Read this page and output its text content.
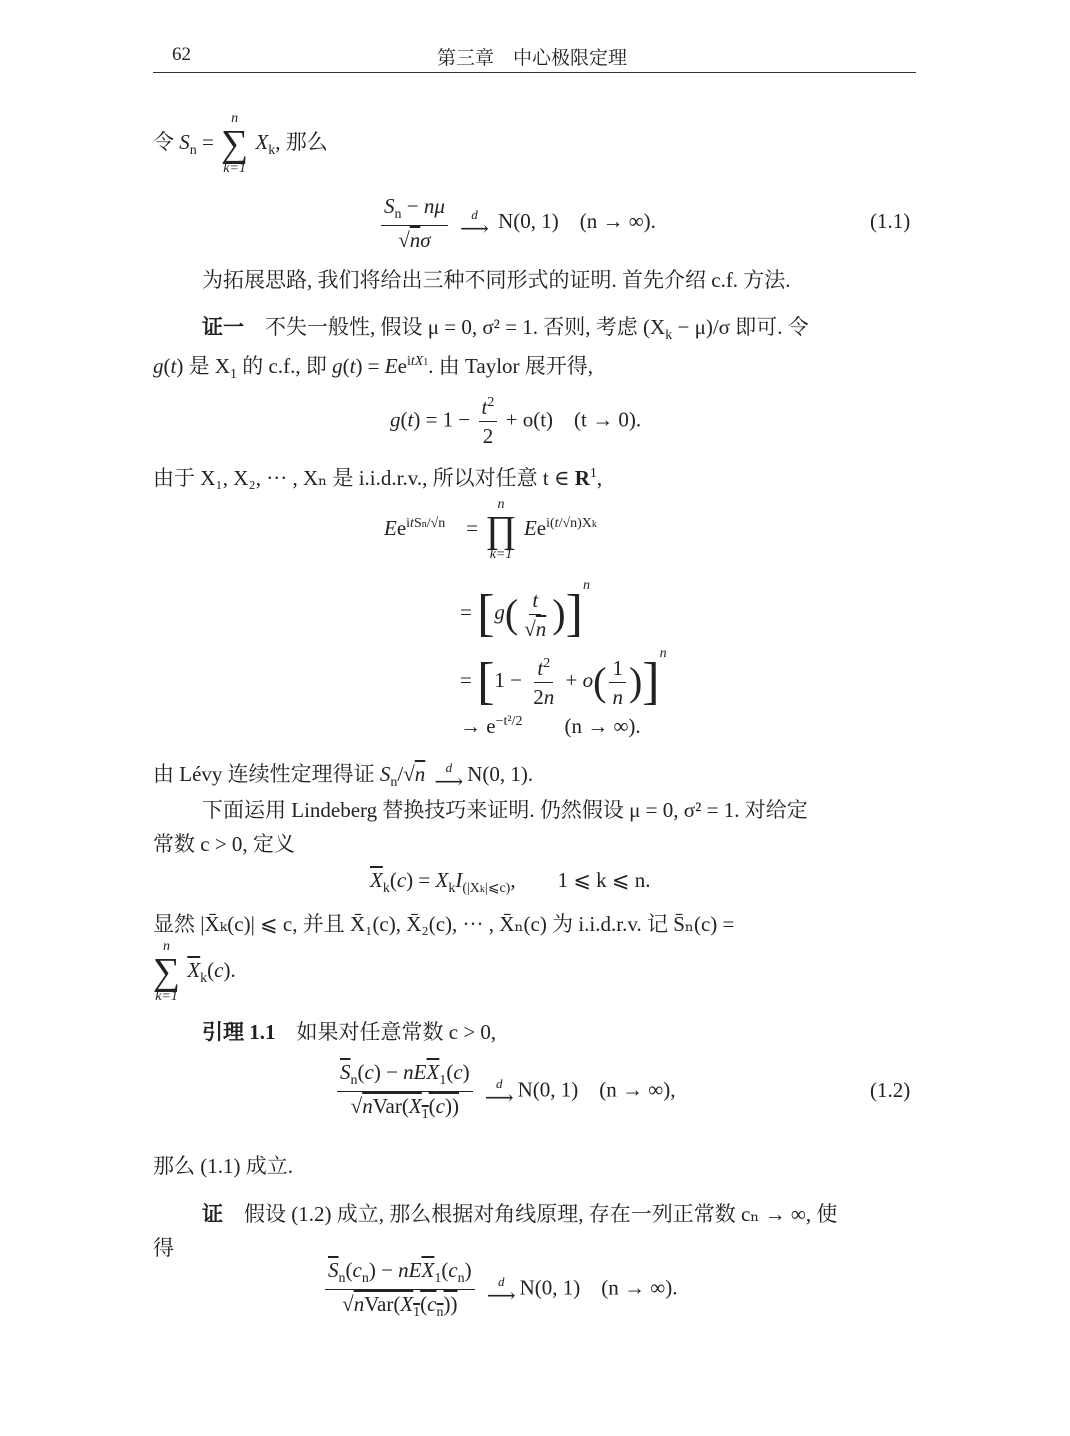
62	第三章　中心极限定理
令 $S_n$ =
n
∑
k=1
$X_k$, 那么
$\frac{S_n - n\mu}{√n\sigma}$
d
⟶ N(0, 1)　 (n → ∞).	(1.1)
为拓展思路, 我们将给出三种不同形式的证明. 首先介绍 c.f. 方法.
证一　 不失一般性, 假设 μ = 0, σ² = 1. 否则, 考虑 $(X_k - \mu)/\sigma$ 即可. 令
g(t) 是 $X_1$ 的 c.f., 即 $g(t) = Ee^{itX1}$. 由 Taylor 展开得,
$g(t) = 1 - \frac{t^2}{2} + o(t)$　(t → 0).
由于 X₁, X₂, ··· , Xₙ 是 i.i.d.r.v., 所以对任意 t ∈ $R^1$,
$Ee^{itSn/√n}$　=
n
∏
k=1
$Ee^{i(t/√n)Xk}$
= $[g( \frac{t}{√n} )]^n$
= $[1 - \frac{t^2}{2n} + o( \frac{1}{n} )]^n$
→ $e^{-t^2/2}$　　 (n → ∞).
由 Lévy 连续性定理得证 $S_n/√n$ d
⟶ N(0, 1).
下面运用 Lindeberg 替换技巧来证明. 仍然假设 μ = 0, σ² = 1. 对给定
常数 c > 0, 定义
$\overline{X}_k(c) = X_kI_{(|Xk|⩽c)}$,　　1 ⩽ k ⩽ n.
显然 |X̄ₖ(c)| ⩽ c, 并且 X̄₁(c), X̄₂(c), ··· , X̄ₙ(c) 为 i.i.d.r.v. 记 S̄ₙ(c) =
n
∑
k=1
$\overline{X}_k(c)$.
引理 1.1　 如果对任意常数 c > 0,
$\frac{\overline{S}_n(c) - nE\overline{X}_1(c)}{√nVar(X_1(c))}$
d
⟶ N(0, 1)　 (n → ∞),	(1.2)
那么 (1.1) 成立.
证　 假设 (1.2) 成立, 那么根据对角线原理, 存在一列正常数 cₙ → ∞, 使
得
$\frac{\overline{S}_n(c_n) - nE\overline{X}_1(c_n)}{√nVar(X_1(c_n))}$
d
⟶ N(0, 1)　 (n → ∞).
